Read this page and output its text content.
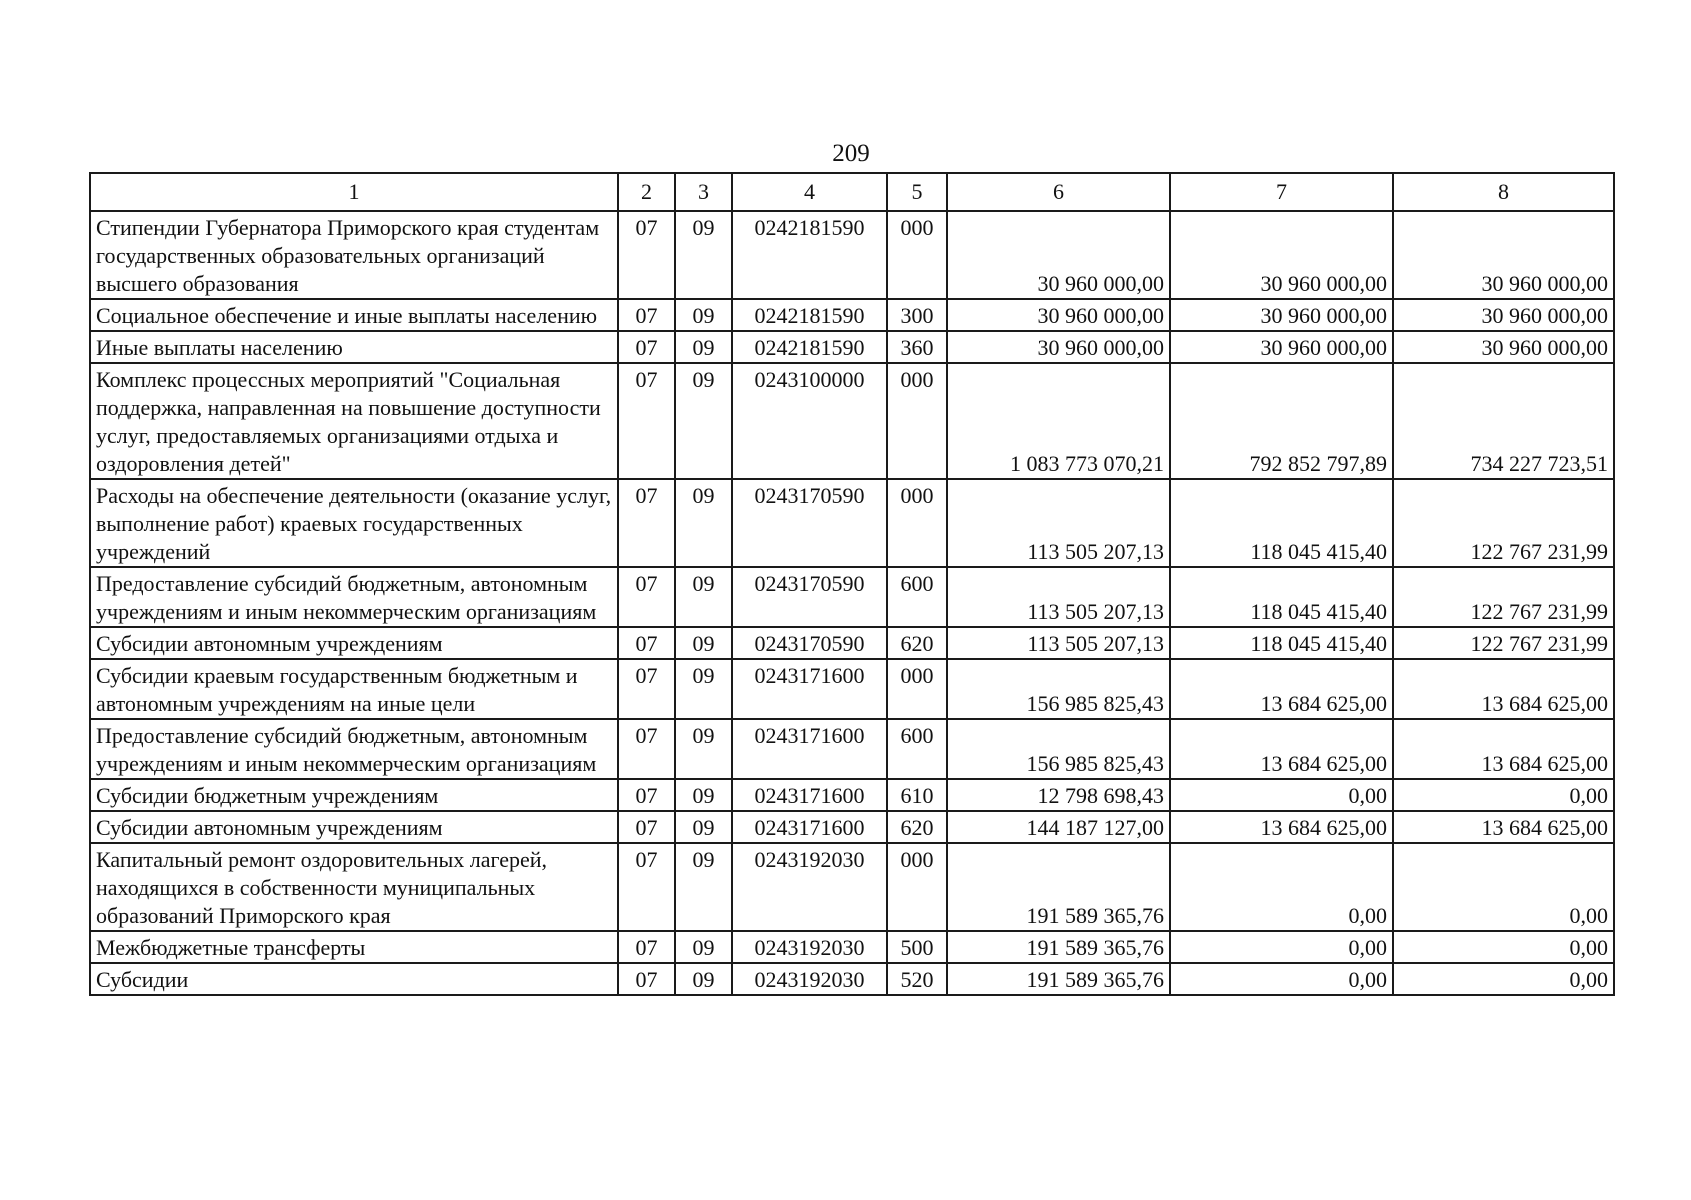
209
1	2	3	4	5	6	7	8
Стипендии Губернатора Приморского края студентам государственных образовательных организаций высшего образования	07	09	0242181590	000	30 960 000,00	30 960 000,00	30 960 000,00
Социальное обеспечение и иные выплаты населению	07	09	0242181590	300	30 960 000,00	30 960 000,00	30 960 000,00
Иные выплаты населению	07	09	0242181590	360	30 960 000,00	30 960 000,00	30 960 000,00
Комплекс процессных мероприятий "Социальная поддержка, направленная на повышение доступности услуг, предоставляемых организациями отдыха и оздоровления детей"	07	09	0243100000	000	1 083 773 070,21	792 852 797,89	734 227 723,51
Расходы на обеспечение деятельности (оказание услуг, выполнение работ) краевых государственных учреждений	07	09	0243170590	000	113 505 207,13	118 045 415,40	122 767 231,99
Предоставление субсидий бюджетным, автономным учреждениям и иным некоммерческим организациям	07	09	0243170590	600	113 505 207,13	118 045 415,40	122 767 231,99
Субсидии автономным учреждениям	07	09	0243170590	620	113 505 207,13	118 045 415,40	122 767 231,99
Субсидии краевым государственным бюджетным и автономным учреждениям на иные цели	07	09	0243171600	000	156 985 825,43	13 684 625,00	13 684 625,00
Предоставление субсидий бюджетным, автономным учреждениям и иным некоммерческим организациям	07	09	0243171600	600	156 985 825,43	13 684 625,00	13 684 625,00
Субсидии бюджетным учреждениям	07	09	0243171600	610	12 798 698,43	0,00	0,00
Субсидии автономным учреждениям	07	09	0243171600	620	144 187 127,00	13 684 625,00	13 684 625,00
Капитальный ремонт оздоровительных лагерей, находящихся в собственности муниципальных образований Приморского края	07	09	0243192030	000	191 589 365,76	0,00	0,00
Межбюджетные трансферты	07	09	0243192030	500	191 589 365,76	0,00	0,00
Субсидии	07	09	0243192030	520	191 589 365,76	0,00	0,00
